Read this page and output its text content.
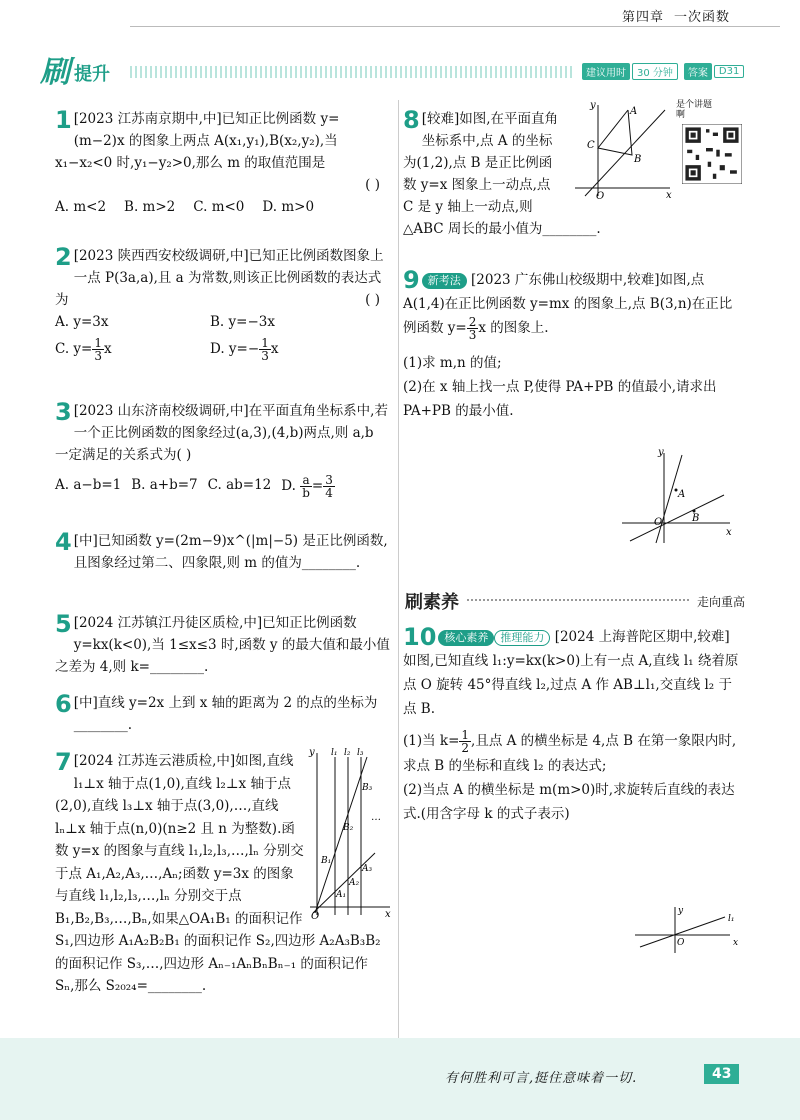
第四章 一次函数
刷 提升	建议用时	30 分钟	答案	D31
1 [2023 江苏南京期中,中]已知正比例函数 y=(m−2)x 的图象上两点 A(x₁,y₁),B(x₂,y₂),当 x₁−x₂<0 时,y₁−y₂>0,那么 m 的取值范围是
( )
A. m<2 B. m>2 C. m<0 D. m>0
2 [2023 陕西西安校级调研,中]已知正比例函数图象上一点 P(3a,a),且 a 为常数,则该正比例函数的表达式为	( )
A. y=3x	B. y=−3x
C. $y= \frac{1}{3}$ x	D. $y=- \frac{1}{3}$ x
3 [2023 山东济南校级调研,中]在平面直角坐标系中,若一个正比例函数的图象经过(a,3),(4,b)两点,则 a,b 一定满足的关系式为( )
A. a−b=1 B. a+b=7 C. ab=12 D. $\frac{a}{b} = \frac{3}{4}$
4 [中]已知函数 y=(2m−9)x^(|m|−5) 是正比例函数,且图象经过第二、四象限,则 m 的值为________.
5 [2024 江苏镇江丹徒区质检,中]已知正比例函数 y=kx(k<0),当 1≤x≤3 时,函数 y 的最大值和最小值之差为 4,则 k=________.
6 [中]直线 y=2x 上到 x 轴的距离为 2 的点的坐标为________.
7 [2024 江苏连云港质检,中]如图,直线 l₁⊥x 轴于点(1,0),直线 l₂⊥x 轴于点(2,0),直线 l₃⊥x 轴于点(3,0),…,直线 lₙ⊥x 轴于点(n,0)(n≥2 且 n 为整数).函数 y=x 的图象与直线 l₁,l₂,l₃,…,lₙ 分别交于点 A₁,A₂,A₃,…,Aₙ;函数 y=3x 的图象与直线 l₁,l₂,l₃,…,lₙ 分别交于点 B₁,B₂,B₃,…,Bₙ,如果△OA₁B₁ 的面积记作 S₁,四边形 A₁A₂B₂B₁ 的面积记作 S₂,四边形 A₂A₃B₃B₂ 的面积记作 S₃,…,四边形 Aₙ₋₁AₙBₙBₙ₋₁ 的面积记作 Sₙ,那么 S₂₀₂₄=________.
y
x
O
l₁ l₂ l₃
A₁
A₂
A₃
B₁
B₂
B₃
…
8 [较难]如图,在平面直角坐标系中,点 A 的坐标为(1,2),点 B 是正比例函数 y=x 图象上一动点,点 C 是 y 轴上一动点,则△ABC 周长的最小值为________.
y
x
O
A
B
C
是个讲题啊
9 新考法 [2023 广东佛山校级期中,较难]如图,点 A(1,4)在正比例函数 y=mx 的图象上,点 B(3,n)在正比例函数 $y= \frac{2}{3}$ x 的图象上.
(1)求 m,n 的值;
(2)在 x 轴上找一点 P,使得 PA+PB 的值最小,请求出 PA+PB 的最小值.
y
x
O
A
B
刷素养	走向重高
10 核心素养 推理能力 [2024 上海普陀区期中,较难]如图,已知直线 l₁:y=kx(k>0)上有一点 A,直线 l₁ 绕着原点 O 旋转 45°得直线 l₂,过点 A 作 AB⊥l₁,交直线 l₂ 于点 B.
(1)当 $k= \frac{1}{2}$ ,且点 A 的横坐标是 4,点 B 在第一象限内时,求点 B 的坐标和直线 l₂ 的表达式;
(2)当点 A 的横坐标是 m(m>0)时,求旋转后直线的表达式.(用含字母 k 的式子表示)
l₁
x
y
O
有何胜利可言,挺住意味着一切.	43
